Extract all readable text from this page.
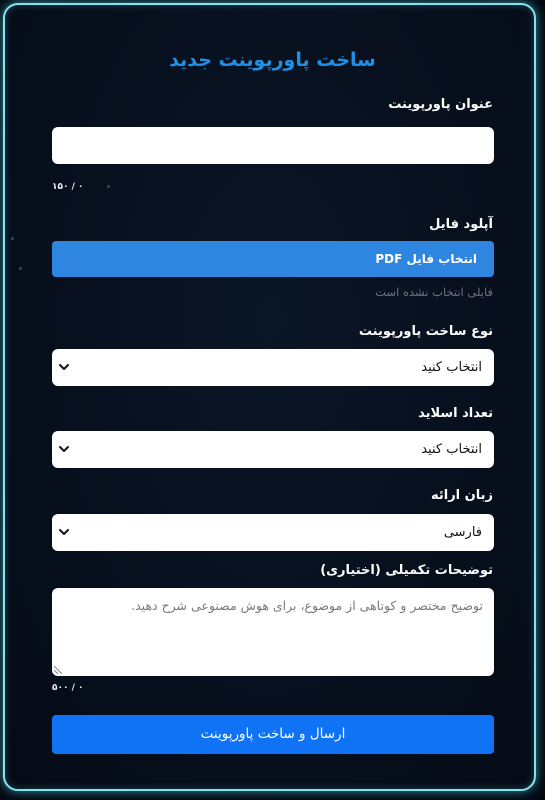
ساخت پاورپوینت جدید
عنوان پاورپوینت
۱۵۰ / ۰
آپلود فایل
انتخاب فایل PDF
فایلی انتخاب نشده است
نوع ساخت پاورپوینت
انتخاب کنید
تعداد اسلاید
انتخاب کنید
زبان ارائه
فارسی
توضیحات تکمیلی (اختیاری)
توضیح مختصر و کوتاهی از موضوع، برای هوش مصنوعی شرح دهید.
۵۰۰ / ۰
ارسال و ساخت پاورپوینت
